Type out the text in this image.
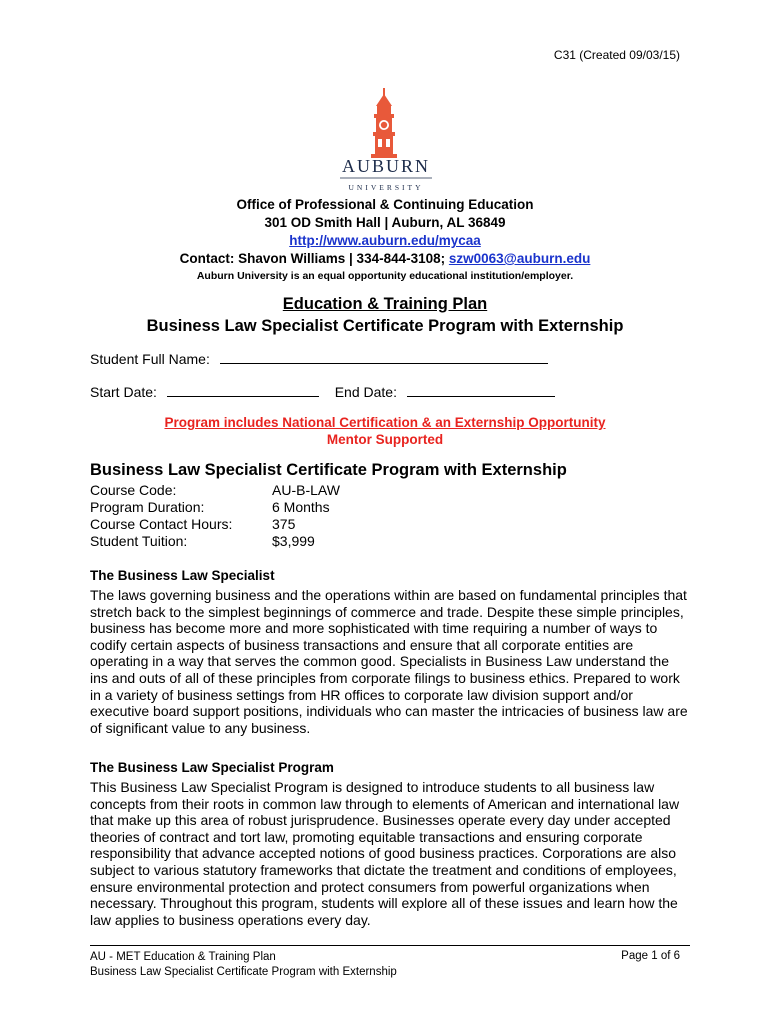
C31 (Created 09/03/15)
AUBURN
UNIVERSITY
Office of Professional & Continuing Education
301 OD Smith Hall | Auburn, AL 36849
http://www.auburn.edu/mycaa
Contact: Shavon Williams | 334-844-3108; szw0063@auburn.edu
Auburn University is an equal opportunity educational institution/employer.
Education & Training Plan
Business Law Specialist Certificate Program with Externship
Student Full Name:
Start Date:	End Date:
Program includes National Certification & an Externship Opportunity
Mentor Supported
Business Law Specialist Certificate Program with Externship
Course Code:	AU-B-LAW
Program Duration:	6 Months
Course Contact Hours:	375
Student Tuition:	$3,999
The Business Law Specialist
The laws governing business and the operations within are based on fundamental principles that stretch back to the simplest beginnings of commerce and trade. Despite these simple principles, business has become more and more sophisticated with time requiring a number of ways to codify certain aspects of business transactions and ensure that all corporate entities are operating in a way that serves the common good. Specialists in Business Law understand the ins and outs of all of these principles from corporate filings to business ethics. Prepared to work in a variety of business settings from HR offices to corporate law division support and/or executive board support positions, individuals who can master the intricacies of business law are of significant value to any business.
The Business Law Specialist Program
This Business Law Specialist Program is designed to introduce students to all business law concepts from their roots in common law through to elements of American and international law that make up this area of robust jurisprudence. Businesses operate every day under accepted theories of contract and tort law, promoting equitable transactions and ensuring corporate responsibility that advance accepted notions of good business practices. Corporations are also subject to various statutory frameworks that dictate the treatment and conditions of employees, ensure environmental protection and protect consumers from powerful organizations when necessary. Throughout this program, students will explore all of these issues and learn how the law applies to business operations every day.
AU - MET Education & Training Plan
Business Law Specialist Certificate Program with Externship
Page 1 of 6
